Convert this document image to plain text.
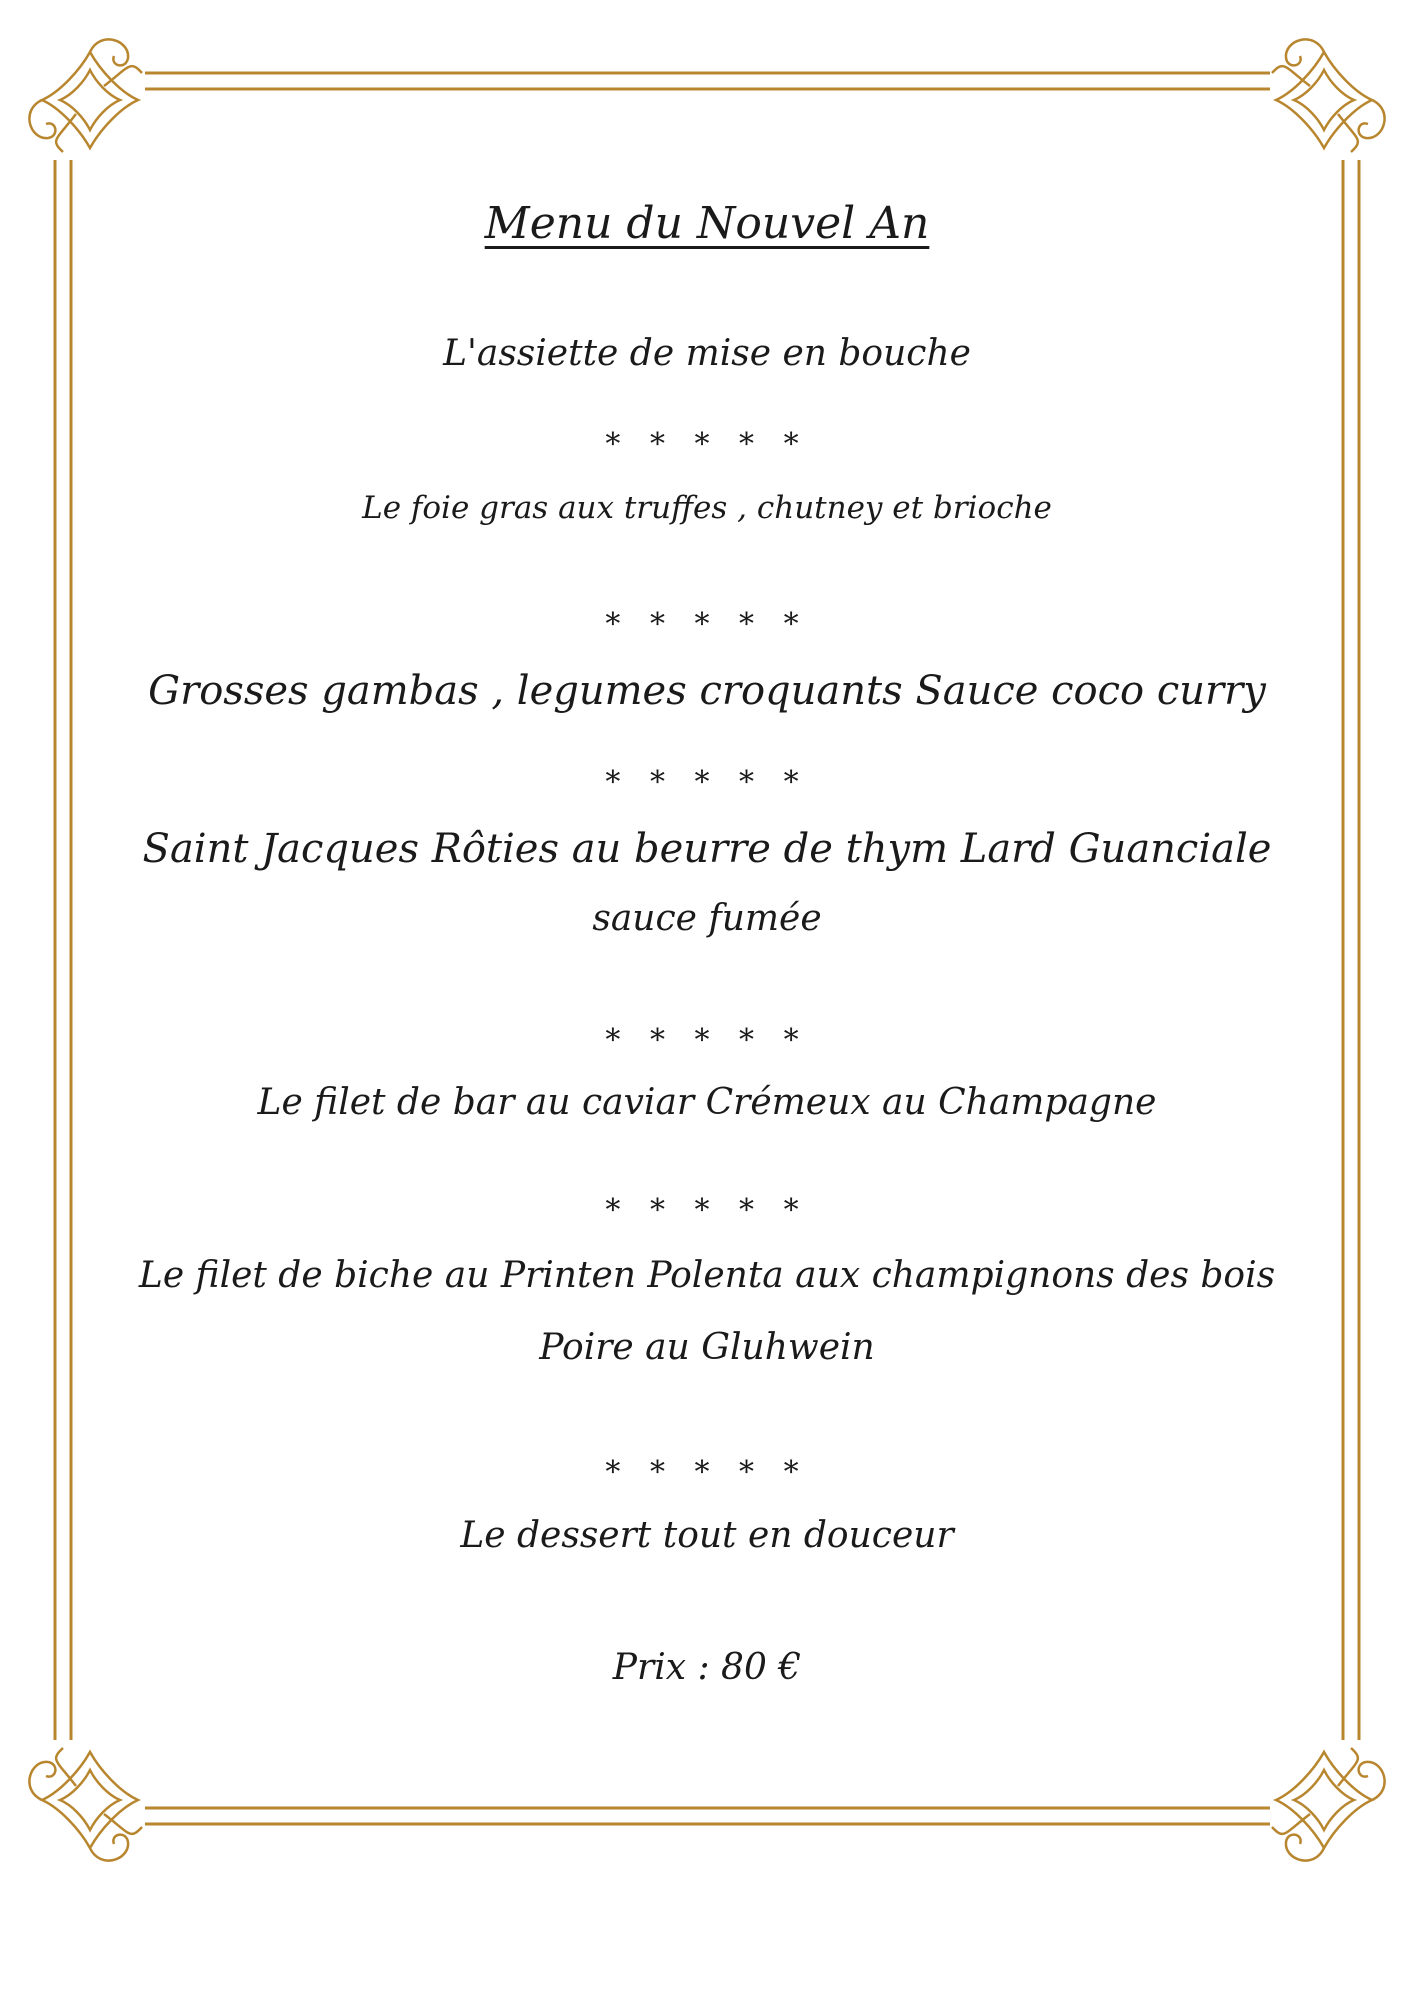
Menu du Nouvel An
L'assiette de mise en bouche
* * * * *
Le foie gras aux truffes , chutney et brioche
* * * * *
Grosses gambas , legumes croquants Sauce coco curry
* * * * *
Saint Jacques Rôties au beurre de thym Lard Guanciale
sauce fumée
* * * * *
Le filet de bar au caviar Crémeux au Champagne
* * * * *
Le filet de biche au Printen Polenta aux champignons des bois
Poire au Gluhwein
* * * * *
Le dessert tout en douceur
Prix : 80 €
